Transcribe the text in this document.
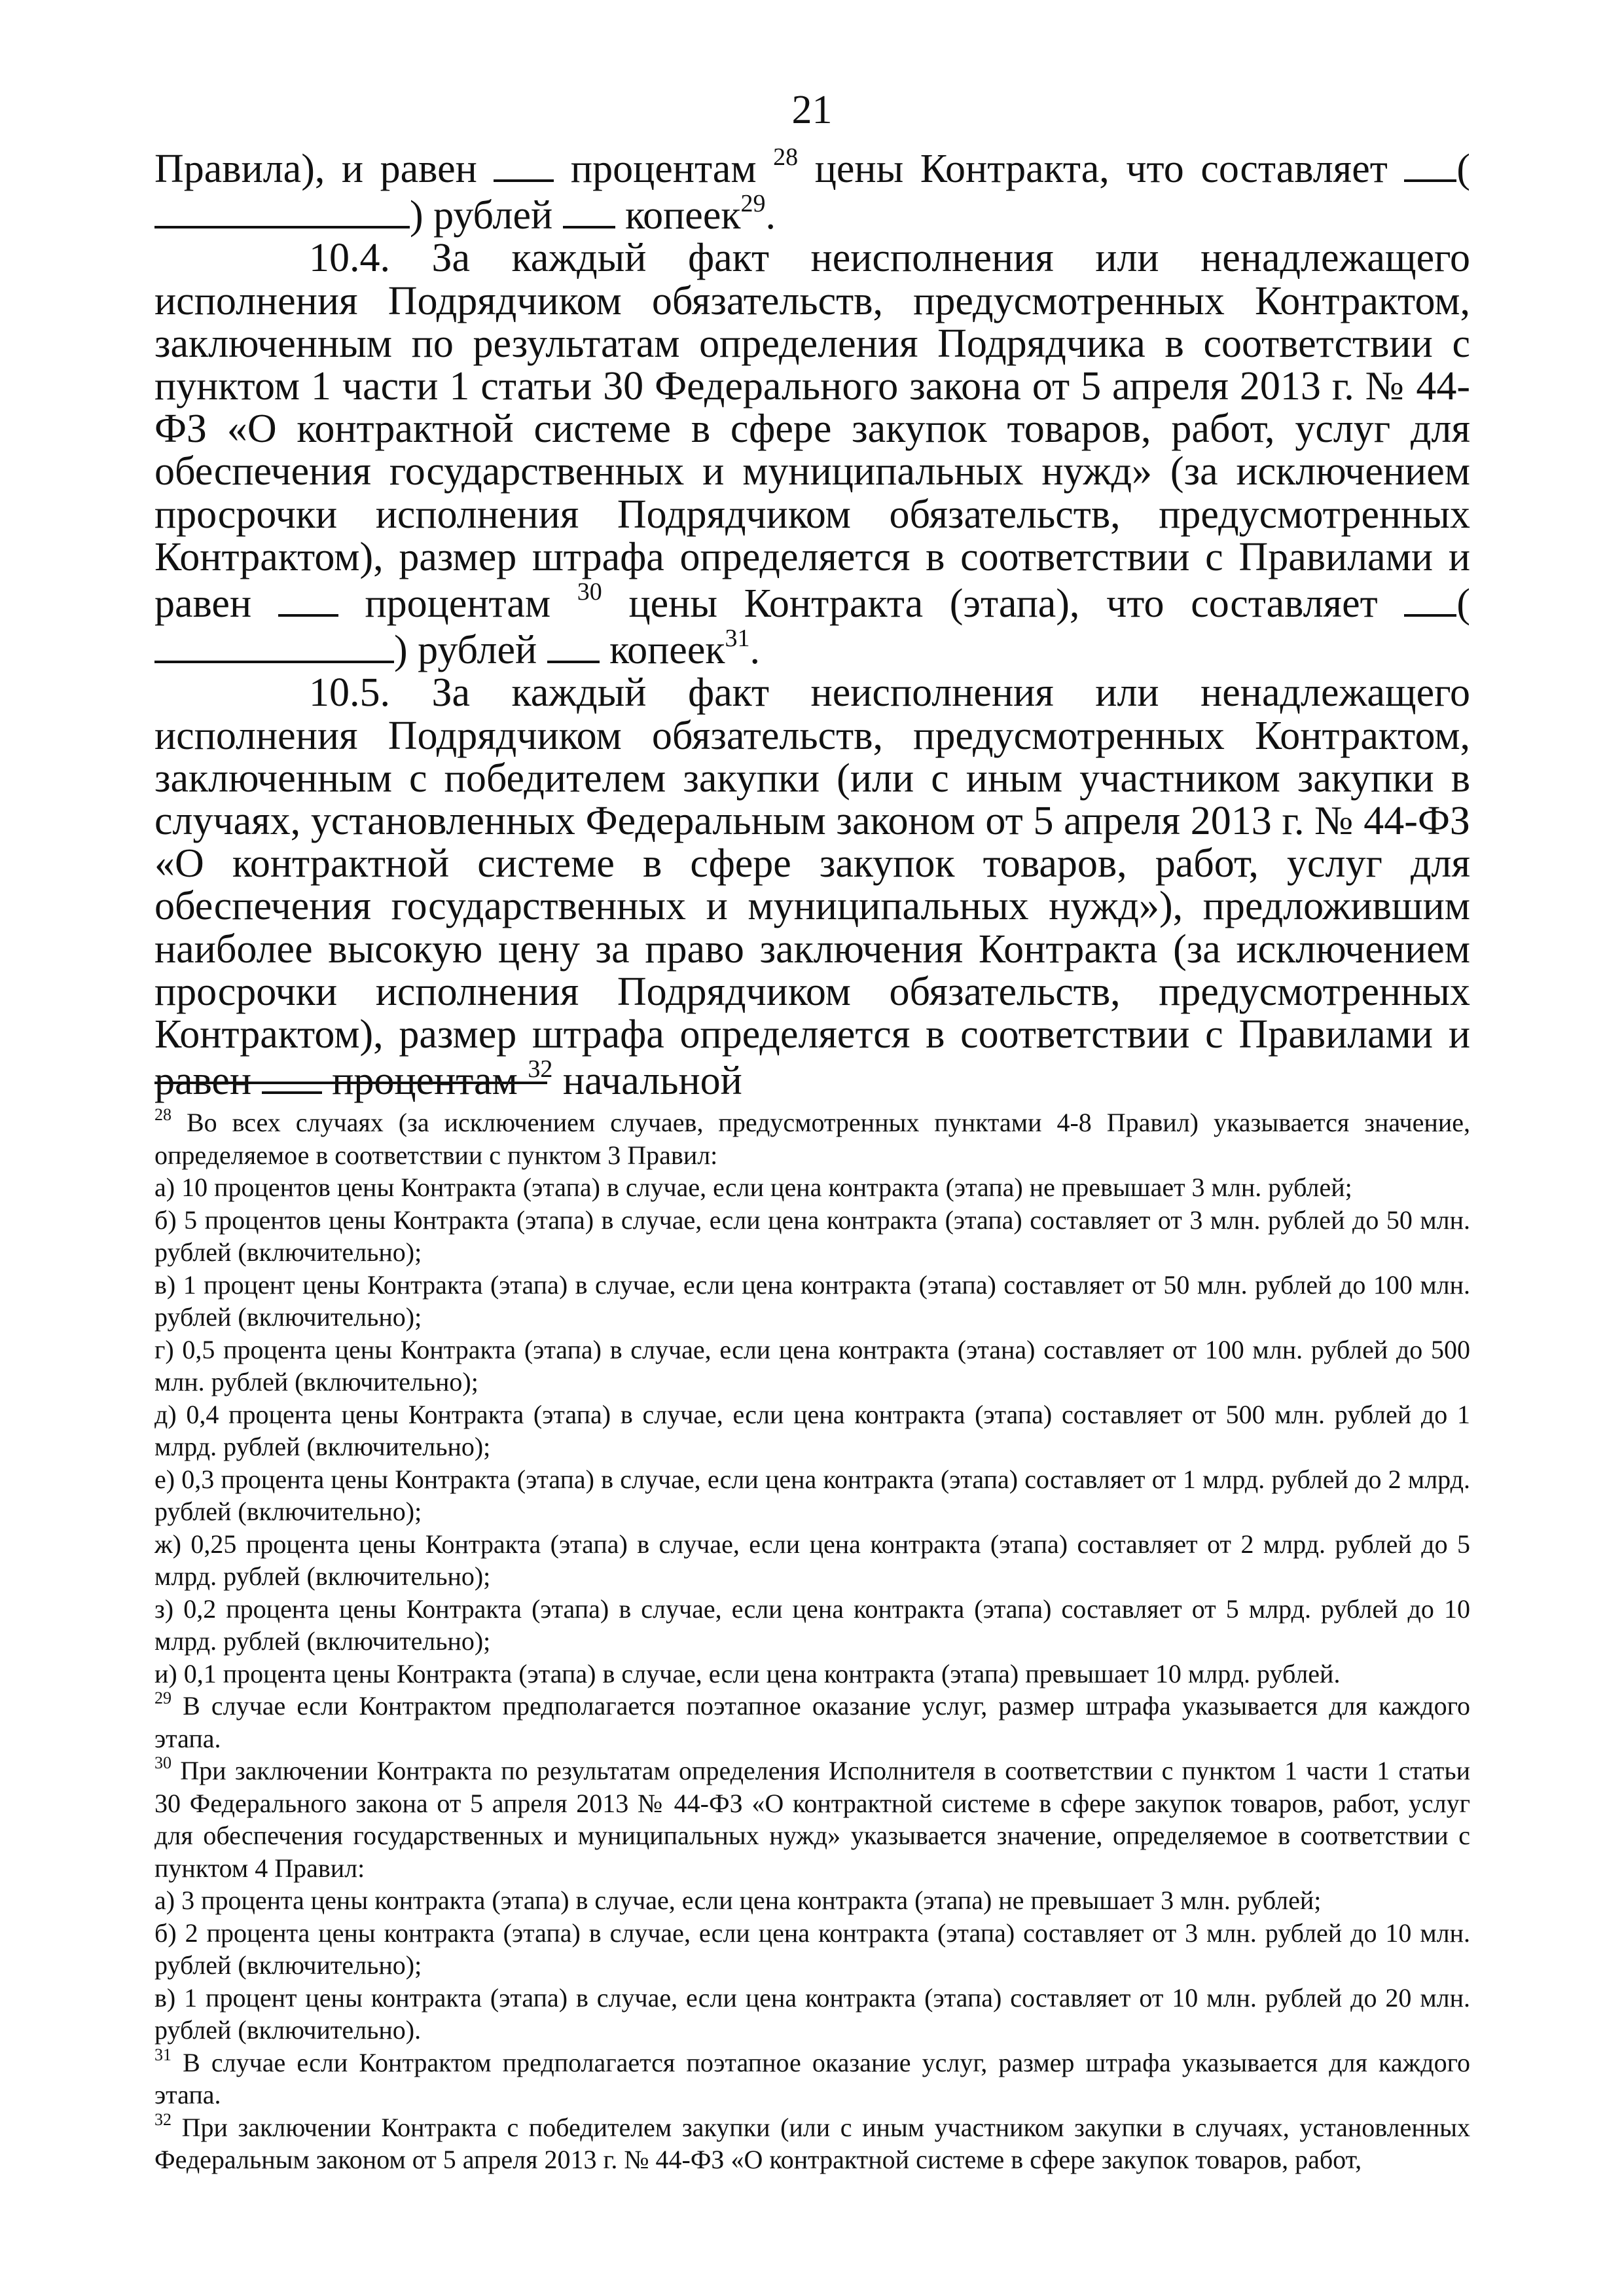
21

Правила), и равен процентам $^{28}$ цены Контракта, что составляет () рублей копеек$^{29}$.

10.4. За каждый факт неисполнения или ненадлежащего исполнения Подрядчиком обязательств, предусмотренных Контрактом, заключенным по результатам определения Подрядчика в соответствии с пунктом 1 части 1 статьи 30 Федерального закона от 5 апреля 2013 г. № 44-ФЗ «О контрактной системе в сфере закупок товаров, работ, услуг для обеспечения государственных и муниципальных нужд» (за исключением просрочки исполнения Подрядчиком обязательств, предусмотренных Контрактом), размер штрафа определяется в соответствии с Правилами и равен	процентам $^{30}$ цены Контракта (этапа), что составляет () рублей копеек$^{31}$.

10.5. За каждый факт неисполнения или ненадлежащего исполнения Подрядчиком обязательств, предусмотренных Контрактом, заключенным с победителем закупки (или с иным участником закупки в случаях, установленных Федеральным законом от 5 апреля 2013 г. № 44-ФЗ «О контрактной системе в сфере закупок товаров, работ, услуг для обеспечения государственных и муниципальных нужд»), предложившим наиболее высокую цену за право заключения Контракта (за исключением просрочки исполнения Подрядчиком обязательств, предусмотренных Контрактом), размер штрафа определяется в соответствии с Правилами и равен процентам $^{32}$ начальной

$^{28}$ Во всех случаях (за исключением случаев, предусмотренных пунктами 4-8 Правил) указывается значение, определяемое в соответствии с пунктом 3 Правил:

а) 10 процентов цены Контракта (этапа) в случае, если цена контракта (этапа) не превышает 3 млн. рублей;

б) 5 процентов цены Контракта (этапа) в случае, если цена контракта (этапа) составляет от 3 млн. рублей до 50 млн. рублей (включительно);

в) 1 процент цены Контракта (этапа) в случае, если цена контракта (этапа) составляет от 50 млн. рублей до 100 млн. рублей (включительно);

г) 0,5 процента цены Контракта (этапа) в случае, если цена контракта (этана) составляет от 100 млн. рублей до 500 млн. рублей (включительно);

д) 0,4 процента цены Контракта (этапа) в случае, если цена контракта (этапа) составляет от 500 млн. рублей до 1 млрд. рублей (включительно);

е) 0,3 процента цены Контракта (этапа) в случае, если цена контракта (этапа) составляет от 1 млрд. рублей до 2 млрд. рублей (включительно);

ж) 0,25 процента цены Контракта (этапа) в случае, если цена контракта (этапа) составляет от 2 млрд. рублей до 5 млрд. рублей (включительно);

з) 0,2 процента цены Контракта (этапа) в случае, если цена контракта (этапа) составляет от 5 млрд. рублей до 10 млрд. рублей (включительно);

и) 0,1 процента цены Контракта (этапа) в случае, если цена контракта (этапа) превышает 10 млрд. рублей.

$^{29}$ В случае если Контрактом предполагается поэтапное оказание услуг, размер штрафа указывается для каждого этапа.

$^{30}$ При заключении Контракта по результатам определения Исполнителя в соответствии с пунктом 1 части 1 статьи 30 Федерального закона от 5 апреля 2013 № 44-ФЗ «О контрактной системе в сфере закупок товаров, работ, услуг для обеспечения государственных и муниципальных нужд» указывается значение, определяемое в соответствии с пунктом 4 Правил:

а) 3 процента цены контракта (этапа) в случае, если цена контракта (этапа) не превышает 3 млн. рублей;

б) 2 процента цены контракта (этапа) в случае, если цена контракта (этапа) составляет от 3 млн. рублей до 10 млн. рублей (включительно);

в) 1 процент цены контракта (этапа) в случае, если цена контракта (этапа) составляет от 10 млн. рублей до 20 млн. рублей (включительно).

$^{31}$ В случае если Контрактом предполагается поэтапное оказание услуг, размер штрафа указывается для каждого этапа.

$^{32}$ При заключении Контракта с победителем закупки (или с иным участником закупки в случаях, установленных Федеральным законом от 5 апреля 2013 г. № 44-ФЗ «О контрактной системе в сфере закупок товаров, работ,
